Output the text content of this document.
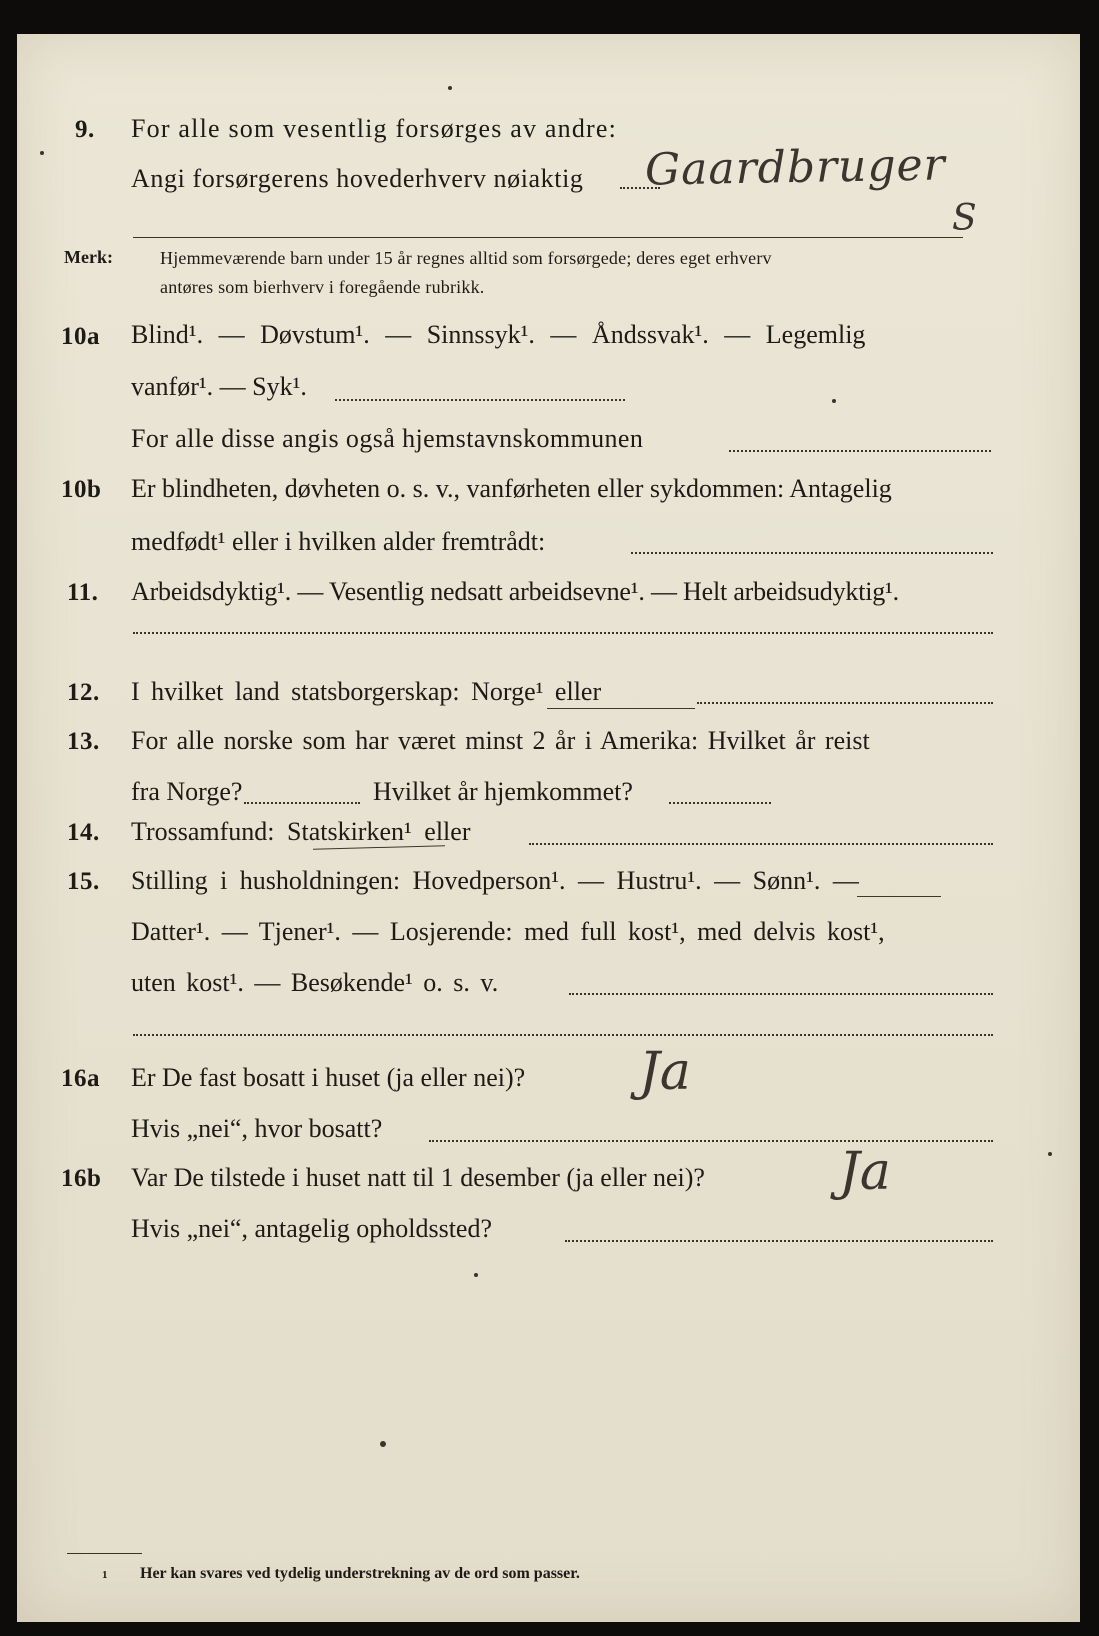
9. For alle som vesentlig forsørges av andre:
Angi forsørgerens hovederhverv nøiaktig Gaardbruger
S
Merk:	Hjemmeværende barn under 15 år regnes alltid som forsørgede; deres eget erhverv
antøres som bierhverv i foregående rubrikk.
10a Blind¹. — Døvstum¹. — Sinnssyk¹. — Åndssvak¹. — Legemlig
vanfør¹. — Syk¹.
For alle disse angis også hjemstavnskommunen
10b Er blindheten, døvheten o. s. v., vanførheten eller sykdommen: Antagelig
medfødt¹ eller i hvilken alder fremtrådt:
11. Arbeidsdyktig¹. — Vesentlig nedsatt arbeidsevne¹. — Helt arbeidsudyktig¹.
12. I hvilket land statsborgerskap: Norge¹ eller
13. For alle norske som har været minst 2 år i Amerika: Hvilket år reist
fra Norge?	Hvilket år hjemkommet?
14. Trossamfund: Statskirken¹ eller
15. Stilling i husholdningen: Hovedperson¹. — Hustru¹. — Sønn¹. —
Datter¹. — Tjener¹. — Losjerende: med full kost¹, med delvis kost¹,
uten kost¹. — Besøkende¹ o. s. v.
16a Er De fast bosatt i huset (ja eller nei)? Ja
Hvis „nei“, hvor bosatt?
16b Var De tilstede i huset natt til 1 desember (ja eller nei)?	Ja
Hvis „nei“, antagelig opholdssted?
1 Her kan svares ved tydelig understrekning av de ord som passer.
